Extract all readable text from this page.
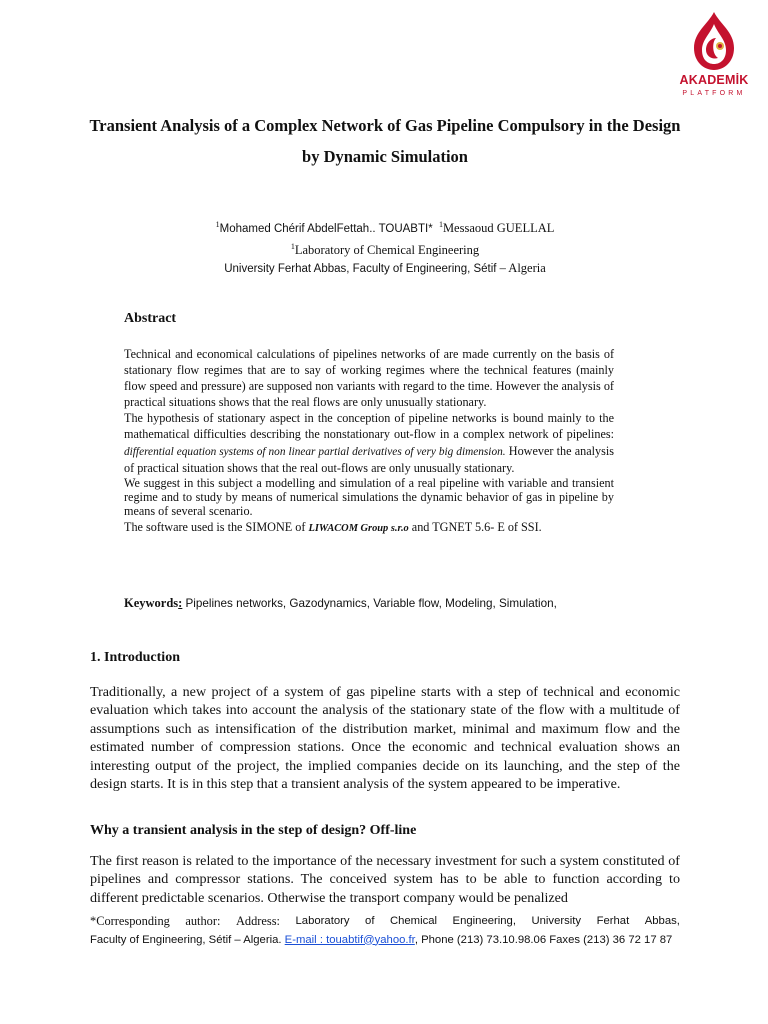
AKADEMİK
PLATFORM
Transient Analysis of a Complex Network of Gas Pipeline Compulsory in the Design by Dynamic Simulation
$^1$Mohamed Chérif AbdelFettah.. TOUABTI* $^1$Messaoud GUELLAL
$^1$Laboratory of Chemical Engineering
University Ferhat Abbas, Faculty of Engineering, Sétif – Algeria
Abstract

Technical and economical calculations of pipelines networks of are made currently on the basis of stationary flow regimes that are to say of working regimes where the technical features (mainly flow speed and pressure) are supposed non variants with regard to the time. However the analysis of practical situations shows that the real flows are only unusually stationary.

The hypothesis of stationary aspect in the conception of pipeline networks is bound mainly to the mathematical difficulties describing the nonstationary out-flow in a complex network of pipelines: differential equation systems of non linear partial derivatives of very big dimension. However the analysis of practical situation shows that the real out-flows are only unusually stationary.

We suggest in this subject a modelling and simulation of a real pipeline with variable and transient regime and to study by means of numerical simulations the dynamic behavior of gas in pipeline by means of several scenario.

The software used is the SIMONE of LIWACOM Group s.r.o and TGNET 5.6- E of SSI.

Keywords: Pipelines networks, Gazodynamics, Variable flow, Modeling, Simulation,
1. Introduction

Traditionally, a new project of a system of gas pipeline starts with a step of technical and economic evaluation which takes into account the analysis of the stationary state of the flow with a multitude of assumptions such as intensification of the distribution market, minimal and maximum flow and the estimated number of compression stations. Once the economic and technical evaluation shows an interesting output of the project, the implied companies decide on its launching, and the step of the design starts. It is in this step that a transient analysis of the system appeared to be imperative.

Why a transient analysis in the step of design? Off-line

The first reason is related to the importance of the necessary investment for such a system constituted of pipelines and compressor stations. The conceived system has to be able to function according to different predictable scenarios. Otherwise the transport company would be penalized

*Corresponding author: Address: Laboratory of Chemical Engineering, University Ferhat Abbas,
Faculty of Engineering, Sétif – Algeria. E-mail : touabtif@yahoo.fr, Phone (213) 73.10.98.06 Faxes (213) 36 72 17 87
